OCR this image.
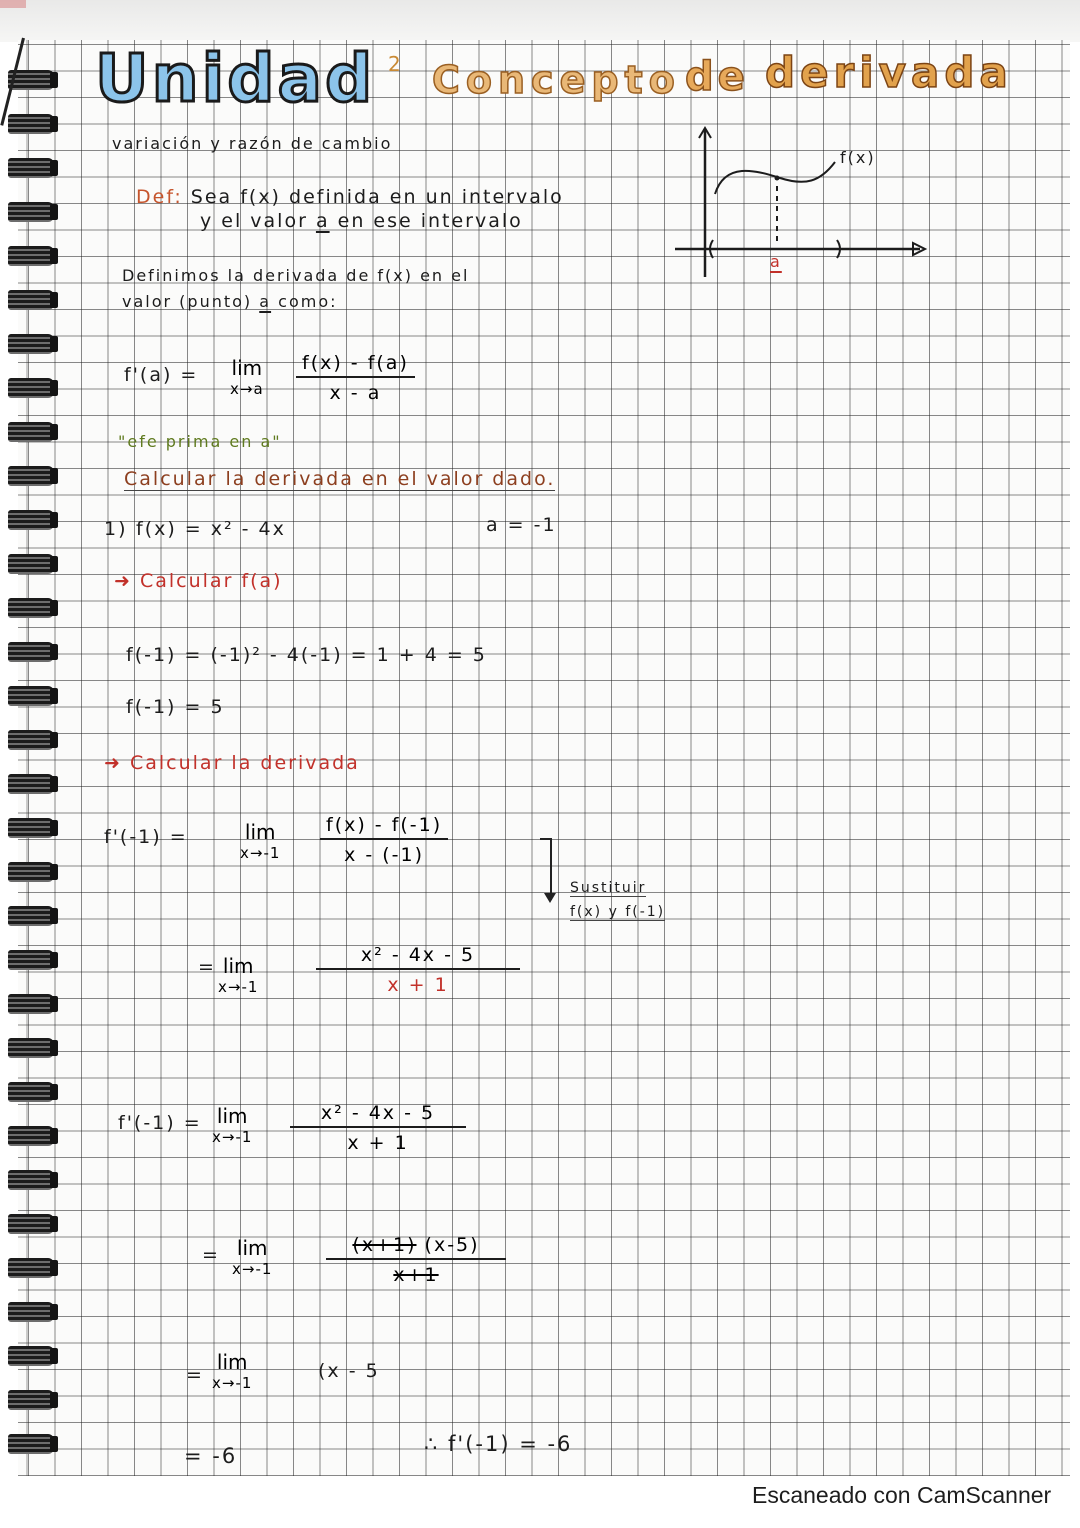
Unidad 2 Concepto de derivada
variación y razón de cambio
Def: Sea f(x) definida en un intervalo
y el valor a en ese intervalo
Definimos la derivada de f(x) en el
valor (punto) a como:
f(x)
a
f'(a) = lim
x→a
f(x) - f(a)
x - a
"efe prima en a"
Calcular la derivada en el valor dado.
1) f(x) = x² - 4x	a = -1
➜ Calcular f(a)
f(-1) = (-1)² - 4(-1) = 1 + 4 = 5
f(-1) = 5
➜ Calcular la derivada
f'(-1) =	lim
x→-1
f(x) - f(-1)
x - (-1)
Sustituir
f(x) y f(-1)
= lim
x→-1
x² - 4x - 5
x + 1
f'(-1) = lim
x→-1
x² - 4x - 5
x + 1
= lim
x→-1
(x+1) (x-5)
x+1
=
lim
x→-1
(x - 5
= -6	∴ f'(-1) = -6
Escaneado con CamScanner
